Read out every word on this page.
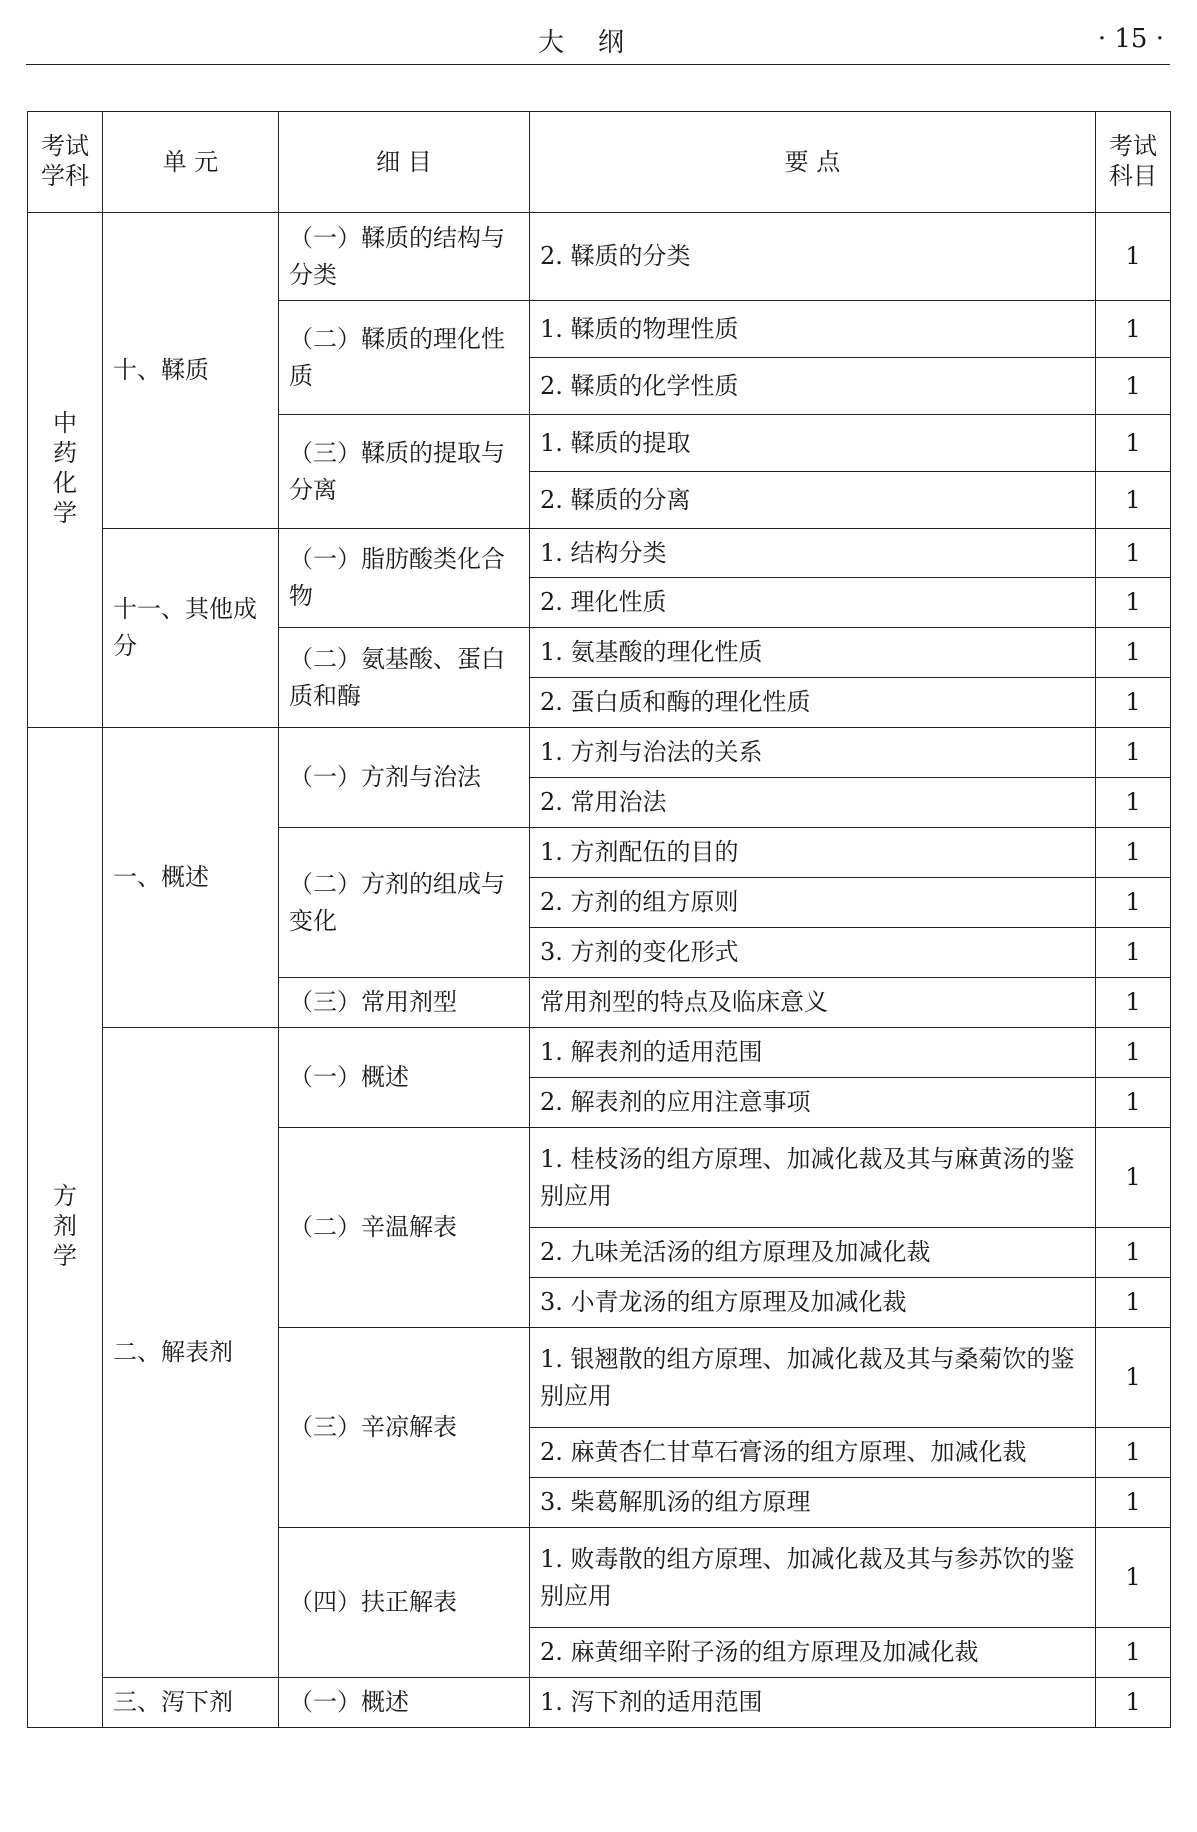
大纲	· 15 ·
考试学科	单 元	细 目	要 点	考试科目
中药化学	十、鞣质	（一）鞣质的结构与分类	2. 鞣质的分类	1
		（二）鞣质的理化性质	1. 鞣质的物理性质	1
			2. 鞣质的化学性质	1
		（三）鞣质的提取与分离	1. 鞣质的提取	1
			2. 鞣质的分离	1
	十一、其他成分	（一）脂肪酸类化合物	1. 结构分类	1
			2. 理化性质	1
		（二）氨基酸、蛋白质和酶	1. 氨基酸的理化性质	1
			2. 蛋白质和酶的理化性质	1
方剂学	一、概述	（一）方剂与治法	1. 方剂与治法的关系	1
			2. 常用治法	1
		（二）方剂的组成与变化	1. 方剂配伍的目的	1
			2. 方剂的组方原则	1
			3. 方剂的变化形式	1
		（三）常用剂型	常用剂型的特点及临床意义	1
	二、解表剂	（一）概述	1. 解表剂的适用范围	1
			2. 解表剂的应用注意事项	1
		（二）辛温解表	1. 桂枝汤的组方原理、加减化裁及其与麻黄汤的鉴别应用	1
			2. 九味羌活汤的组方原理及加减化裁	1
			3. 小青龙汤的组方原理及加减化裁	1
		（三）辛凉解表	1. 银翘散的组方原理、加减化裁及其与桑菊饮的鉴别应用	1
			2. 麻黄杏仁甘草石膏汤的组方原理、加减化裁	1
			3. 柴葛解肌汤的组方原理	1
		（四）扶正解表	1. 败毒散的组方原理、加减化裁及其与参苏饮的鉴别应用	1
			2. 麻黄细辛附子汤的组方原理及加减化裁	1
	三、泻下剂	（一）概述	1. 泻下剂的适用范围	1
